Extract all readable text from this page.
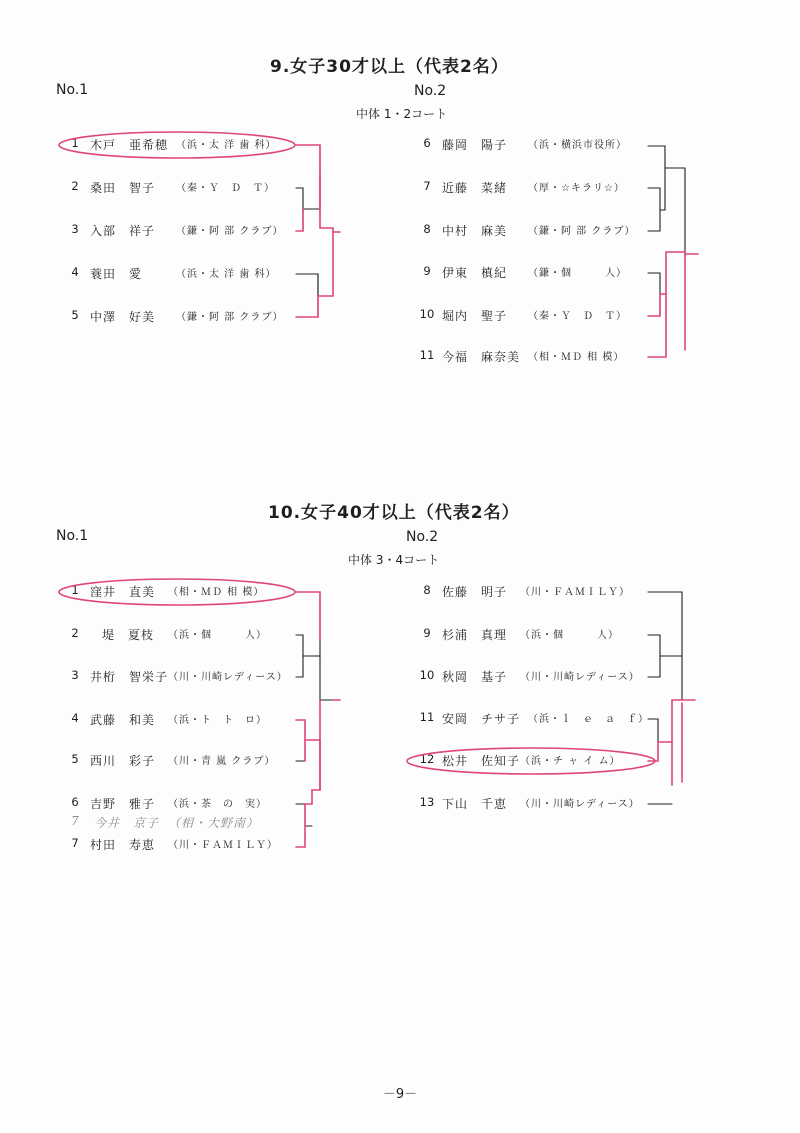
9.女子30才以上（代表2名）
No.1	No.2
中体 1・2コート
1 木戸　亜希穂 （浜・太 洋 歯 科）
2 桑田　智子 （秦・Ｙ　Ｄ　Ｔ）
3 入部　祥子 （鎌・阿 部 クラブ）
4 蓑田　愛	（浜・太 洋 歯 科）
5 中澤　好美 （鎌・阿 部 クラブ）
6 藤岡　陽子 （浜・横浜市役所）
7 近藤　菜緒 （厚・☆キラリ☆）
8 中村　麻美 （鎌・阿 部 クラブ）
9 伊東　槙紀 （鎌・個　　　人）
10 堀内　聖子 （秦・Ｙ　Ｄ　Ｔ）
11 今福　麻奈美 （相・ＭＤ 相 模）
10.女子40才以上（代表2名）
No.1	No.2
中体 3・4コート
1 窪井　直美 （相・ＭＤ 相 模）
2	堤　夏枝 （浜・個　　　人）
3 井桁　智栄子 （川・川崎レディース）
4 武藤　和美 （浜・ト　ト　ロ）
5 西川　彩子 （川・青 嵐 クラブ）
6 吉野　雅子 （浜・茶　の　実）
7	今井　京子 （相・大野南）
7 村田　寿恵 （川・ＦＡＭＩＬＹ）
8 佐藤　明子 （川・ＦＡＭＩＬＹ）
9 杉浦　真理 （浜・個　　　人）
10 秋岡　基子 （川・川崎レディース）
11 安岡　チサ子 （浜・ｌ　ｅ　ａ　ｆ）
12 松井　佐知子 （浜・チ ャ イ ム）
13 下山　千恵 （川・川崎レディース）
－9－
